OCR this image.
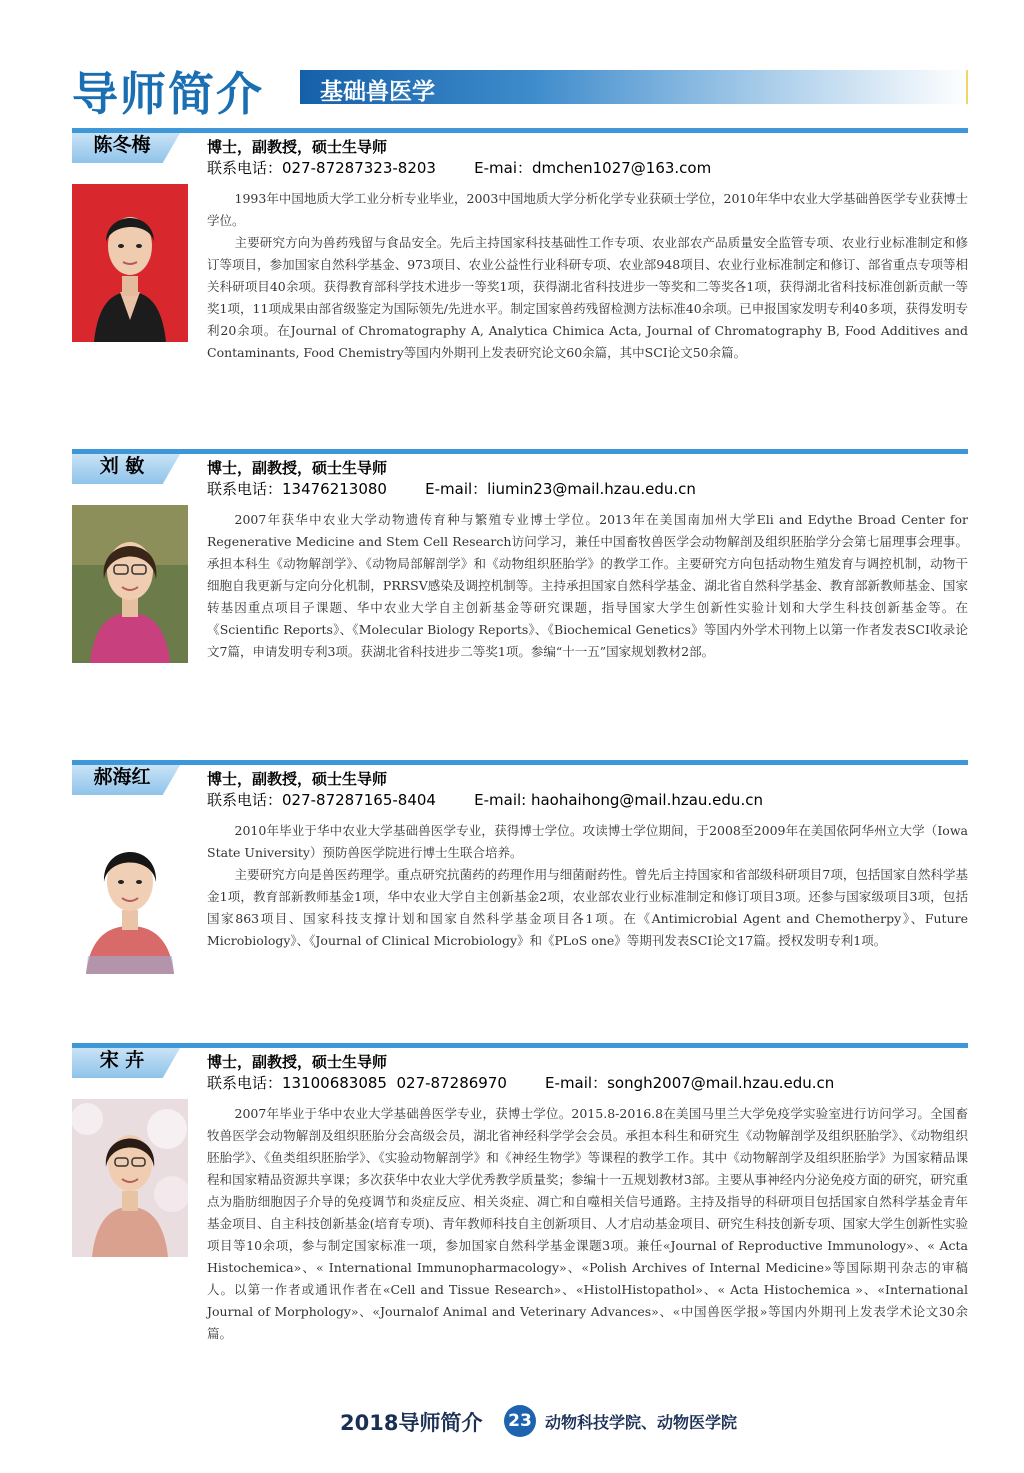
导师简介 基础兽医学
陈冬梅	博士，副教授，硕士生导师
联系电话：027-87287323-8203        E-mai：dmchen1027@163.com

1993年中国地质大学工业分析专业毕业，2003中国地质大学分析化学专业获硕士学位，2010年华中农业大学基础兽医学专业获博士学位。

主要研究方向为兽药残留与食品安全。先后主持国家科技基础性工作专项、农业部农产品质量安全监管专项、农业行业标准制定和修订等项目，参加国家自然科学基金、973项目、农业公益性行业科研专项、农业部948项目、农业行业标准制定和修订、部省重点专项等相关科研项目40余项。获得教育部科学技术进步一等奖1项，获得湖北省科技进步一等奖和二等奖各1项，获得湖北省科技标准创新贡献一等奖1项，11项成果由部省级鉴定为国际领先/先进水平。制定国家兽药残留检测方法标准40余项。已申报国家发明专利40多项，获得发明专利20余项。在Journal of Chromatography A, Analytica Chimica Acta, Journal of Chromatography B, Food Additives and Contaminants, Food Chemistry等国内外期刊上发表研究论文60余篇，其中SCI论文50余篇。

刘 敏	博士，副教授，硕士生导师
联系电话：13476213080        E-mail：liumin23@mail.hzau.edu.cn

2007年获华中农业大学动物遗传育种与繁殖专业博士学位。2013年在美国南加州大学Eli and Edythe Broad Center for Regenerative Medicine and Stem Cell Research访问学习，兼任中国畜牧兽医学会动物解剖及组织胚胎学分会第七届理事会理事。承担本科生《动物解剖学》、《动物局部解剖学》和《动物组织胚胎学》的教学工作。主要研究方向包括动物生殖发育与调控机制，动物干细胞自我更新与定向分化机制，PRRSV感染及调控机制等。主持承担国家自然科学基金、湖北省自然科学基金、教育部新教师基金、国家转基因重点项目子课题、华中农业大学自主创新基金等研究课题，指导国家大学生创新性实验计划和大学生科技创新基金等。在 《Scientific Reports》、《Molecular Biology Reports》、《Biochemical Genetics》等国内外学术刊物上以第一作者发表SCI收录论文7篇，申请发明专利3项。获湖北省科技进步二等奖1项。参编“十一五”国家规划教材2部。

郝海红	博士，副教授，硕士生导师
联系电话：027-87287165-8404        E-mail: haohaihong@mail.hzau.edu.cn

2010年毕业于华中农业大学基础兽医学专业，获得博士学位。攻读博士学位期间，于2008至2009年在美国依阿华州立大学（Iowa State University）预防兽医学院进行博士生联合培养。

主要研究方向是兽医药理学。重点研究抗菌药的药理作用与细菌耐药性。曾先后主持国家和省部级科研项目7项，包括国家自然科学基金1项，教育部新教师基金1项，华中农业大学自主创新基金2项，农业部农业行业标准制定和修订项目3项。还参与国家级项目3项，包括国家863项目、国家科技支撑计划和国家自然科学基金项目各1项。在《Antimicrobial Agent and Chemotherpy》、Future Microbiology》、《Journal of Clinical Microbiology》和《PLoS one》等期刊发表SCI论文17篇。授权发明专利1项。

宋 卉	博士，副教授，硕士生导师
联系电话：13100683085  027-87286970        E-mail：songh2007@mail.hzau.edu.cn

2007年毕业于华中农业大学基础兽医学专业，获博士学位。2015.8-2016.8在美国马里兰大学免疫学实验室进行访问学习。全国畜牧兽医学会动物解剖及组织胚胎分会高级会员，湖北省神经科学学会会员。承担本科生和研究生《动物解剖学及组织胚胎学》、《动物组织胚胎学》、《鱼类组织胚胎学》、《实验动物解剖学》和《神经生物学》等课程的教学工作。其中《动物解剖学及组织胚胎学》为国家精品课程和国家精品资源共享课；多次获华中农业大学优秀教学质量奖；参编十一五规划教材3部。主要从事神经内分泌免疫方面的研究，研究重点为脂肪细胞因子介导的免疫调节和炎症反应、相关炎症、凋亡和自噬相关信号通路。主持及指导的科研项目包括国家自然科学基金青年基金项目、自主科技创新基金(培育专项)、青年教师科技自主创新项目、人才启动基金项目、研究生科技创新专项、国家大学生创新性实验项目等10余项，参与制定国家标准一项，参加国家自然科学基金课题3项。兼任«Journal of Reproductive Immunology»、« Acta Histochemica»、« International Immunopharmacology»、«Polish Archives of Internal Medicine»等国际期刊杂志的审稿人。以第一作者或通讯作者在«Cell and Tissue Research»、«HistolHistopathol»、« Acta Histochemica »、«International Journal of Morphology»、«Journalof Animal and Veterinary Advances»、«中国兽医学报»等国内外期刊上发表学术论文30余篇。

2018导师简介 23 动物科技学院、动物医学院
